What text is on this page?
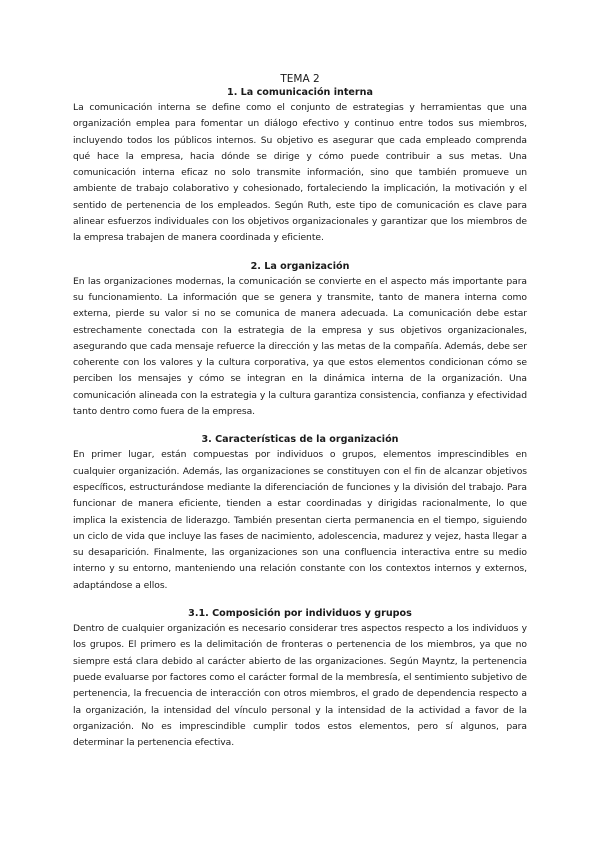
TEMA 2

1. La comunicación interna

La comunicación interna se define como el conjunto de estrategias y herramientas que una organización emplea para fomentar un diálogo efectivo y continuo entre todos sus miembros, incluyendo todos los públicos internos. Su objetivo es asegurar que cada empleado comprenda qué hace la empresa, hacia dónde se dirige y cómo puede contribuir a sus metas. Una comunicación interna eficaz no solo transmite información, sino que también promueve un ambiente de trabajo colaborativo y cohesionado, fortaleciendo la implicación, la motivación y el sentido de pertenencia de los empleados. Según Ruth, este tipo de comunicación es clave para alinear esfuerzos individuales con los objetivos organizacionales y garantizar que los miembros de la empresa trabajen de manera coordinada y eficiente.

2. La organización

En las organizaciones modernas, la comunicación se convierte en el aspecto más importante para su funcionamiento. La información que se genera y transmite, tanto de manera interna como externa, pierde su valor si no se comunica de manera adecuada. La comunicación debe estar estrechamente conectada con la estrategia de la empresa y sus objetivos organizacionales, asegurando que cada mensaje refuerce la dirección y las metas de la compañía. Además, debe ser coherente con los valores y la cultura corporativa, ya que estos elementos condicionan cómo se perciben los mensajes y cómo se integran en la dinámica interna de la organización. Una comunicación alineada con la estrategia y la cultura garantiza consistencia, confianza y efectividad tanto dentro como fuera de la empresa.

3. Características de la organización

En primer lugar, están compuestas por individuos o grupos, elementos imprescindibles en cualquier organización. Además, las organizaciones se constituyen con el fin de alcanzar objetivos específicos, estructurándose mediante la diferenciación de funciones y la división del trabajo. Para funcionar de manera eficiente, tienden a estar coordinadas y dirigidas racionalmente, lo que implica la existencia de liderazgo. También presentan cierta permanencia en el tiempo, siguiendo un ciclo de vida que incluye las fases de nacimiento, adolescencia, madurez y vejez, hasta llegar a su desaparición. Finalmente, las organizaciones son una confluencia interactiva entre su medio interno y su entorno, manteniendo una relación constante con los contextos internos y externos, adaptándose a ellos.

3.1. Composición por individuos y grupos

Dentro de cualquier organización es necesario considerar tres aspectos respecto a los individuos y los grupos. El primero es la delimitación de fronteras o pertenencia de los miembros, ya que no siempre está clara debido al carácter abierto de las organizaciones. Según Mayntz, la pertenencia puede evaluarse por factores como el carácter formal de la membresía, el sentimiento subjetivo de pertenencia, la frecuencia de interacción con otros miembros, el grado de dependencia respecto a la organización, la intensidad del vínculo personal y la intensidad de la actividad a favor de la organización. No es imprescindible cumplir todos estos elementos, pero sí algunos, para determinar la pertenencia efectiva.
